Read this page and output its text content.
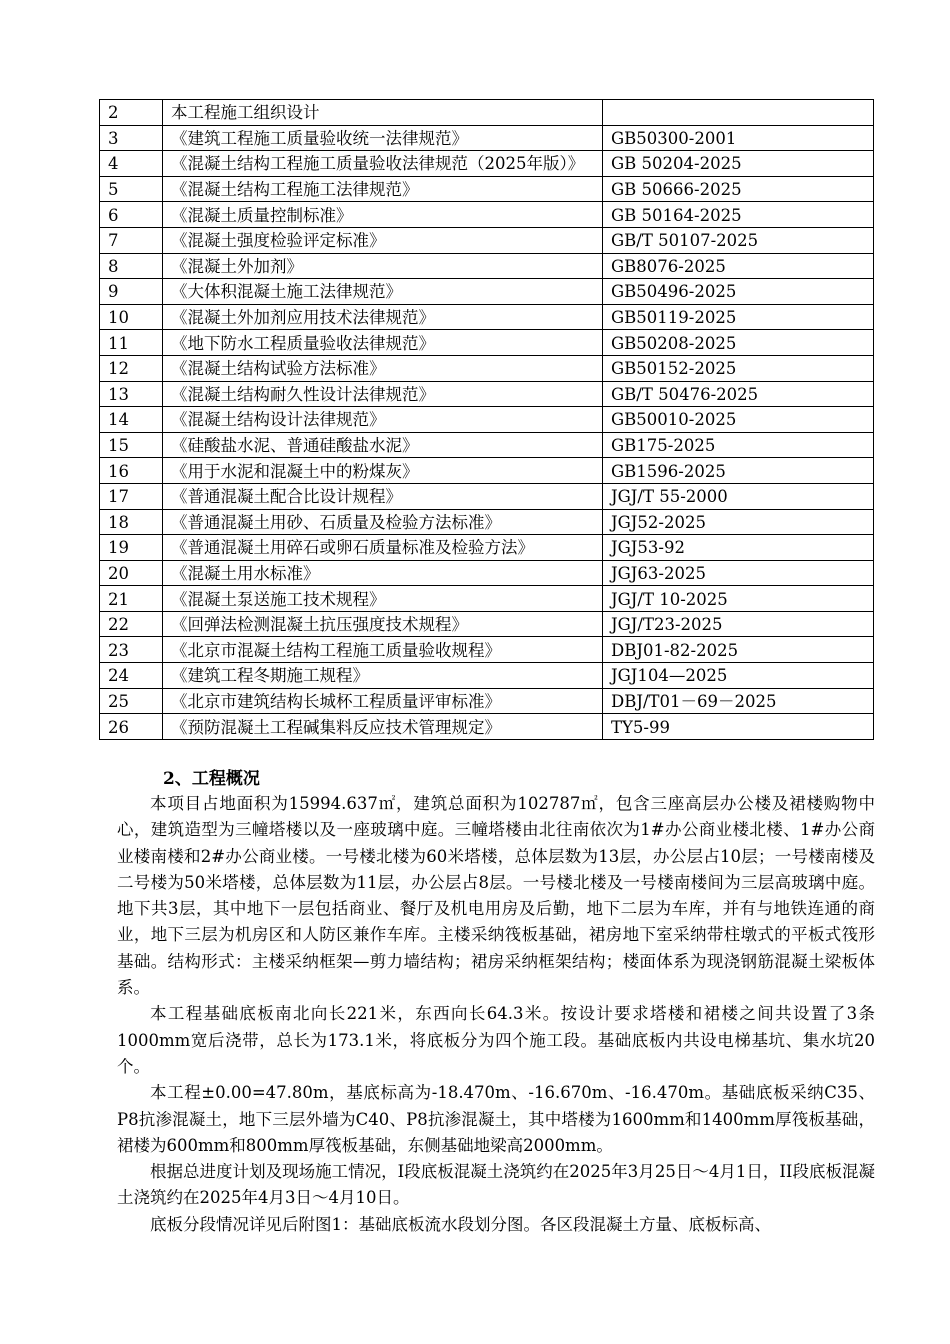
2	本工程施工组织设计	
3	《建筑工程施工质量验收统一法律规范》	GB50300-2001
4	《混凝土结构工程施工质量验收法律规范（2025年版）》	GB 50204-2025
5	《混凝土结构工程施工法律规范》	GB 50666-2025
6	《混凝土质量控制标准》	GB 50164-2025
7	《混凝土强度检验评定标准》	GB/T 50107-2025
8	《混凝土外加剂》	GB8076-2025
9	《大体积混凝土施工法律规范》	GB50496-2025
10	《混凝土外加剂应用技术法律规范》	GB50119-2025
11	《地下防水工程质量验收法律规范》	GB50208-2025
12	《混凝土结构试验方法标准》	GB50152-2025
13	《混凝土结构耐久性设计法律规范》	GB/T 50476-2025
14	《混凝土结构设计法律规范》	GB50010-2025
15	《硅酸盐水泥、普通硅酸盐水泥》	GB175-2025
16	《用于水泥和混凝土中的粉煤灰》	GB1596-2025
17	《普通混凝土配合比设计规程》	JGJ/T 55-2000
18	《普通混凝土用砂、石质量及检验方法标准》	JGJ52-2025
19	《普通混凝土用碎石或卵石质量标准及检验方法》	JGJ53-92
20	《混凝土用水标准》	JGJ63-2025
21	《混凝土泵送施工技术规程》	JGJ/T 10-2025
22	《回弹法检测混凝土抗压强度技术规程》	JGJ/T23-2025
23	《北京市混凝土结构工程施工质量验收规程》	DBJ01-82-2025
24	《建筑工程冬期施工规程》	JGJ104—2025
25	《北京市建筑结构长城杯工程质量评审标准》	DBJ/T01－69－2025
26	《预防混凝土工程碱集料反应技术管理规定》	TY5-99
2、工程概况

本项目占地面积为15994.637㎡，建筑总面积为102787㎡，包含三座高层办公楼及裙楼购物中心，建筑造型为三幢塔楼以及一座玻璃中庭。三幢塔楼由北往南依次为1#办公商业楼北楼、1#办公商业楼南楼和2#办公商业楼。一号楼北楼为60米塔楼，总体层数为13层，办公层占10层；一号楼南楼及二号楼为50米塔楼，总体层数为11层，办公层占8层。一号楼北楼及一号楼南楼间为三层高玻璃中庭。地下共3层，其中地下一层包括商业、餐厅及机电用房及后勤，地下二层为车库，并有与地铁连通的商业，地下三层为机房区和人防区兼作车库。主楼采纳筏板基础，裙房地下室采纳带柱墩式的平板式筏形基础。结构形式：主楼采纳框架—剪力墙结构；裙房采纳框架结构；楼面体系为现浇钢筋混凝土梁板体系。

本工程基础底板南北向长221米，东西向长64.3米。按设计要求塔楼和裙楼之间共设置了3条1000mm宽后浇带，总长为173.1米，将底板分为四个施工段。基础底板内共设电梯基坑、集水坑20个。

本工程±0.00=47.80m，基底标高为-18.470m、-16.670m、-16.470m。基础底板采纳C35、P8抗渗混凝土，地下三层外墙为C40、P8抗渗混凝土，其中塔楼为1600mm和1400mm厚筏板基础，裙楼为600mm和800mm厚筏板基础，东侧基础地梁高2000mm。

根据总进度计划及现场施工情况，I段底板混凝土浇筑约在2025年3月25日～4月1日，II段底板混凝土浇筑约在2025年4月3日～4月10日。

底板分段情况详见后附图1：基础底板流水段划分图。各区段混凝土方量、底板标高、
